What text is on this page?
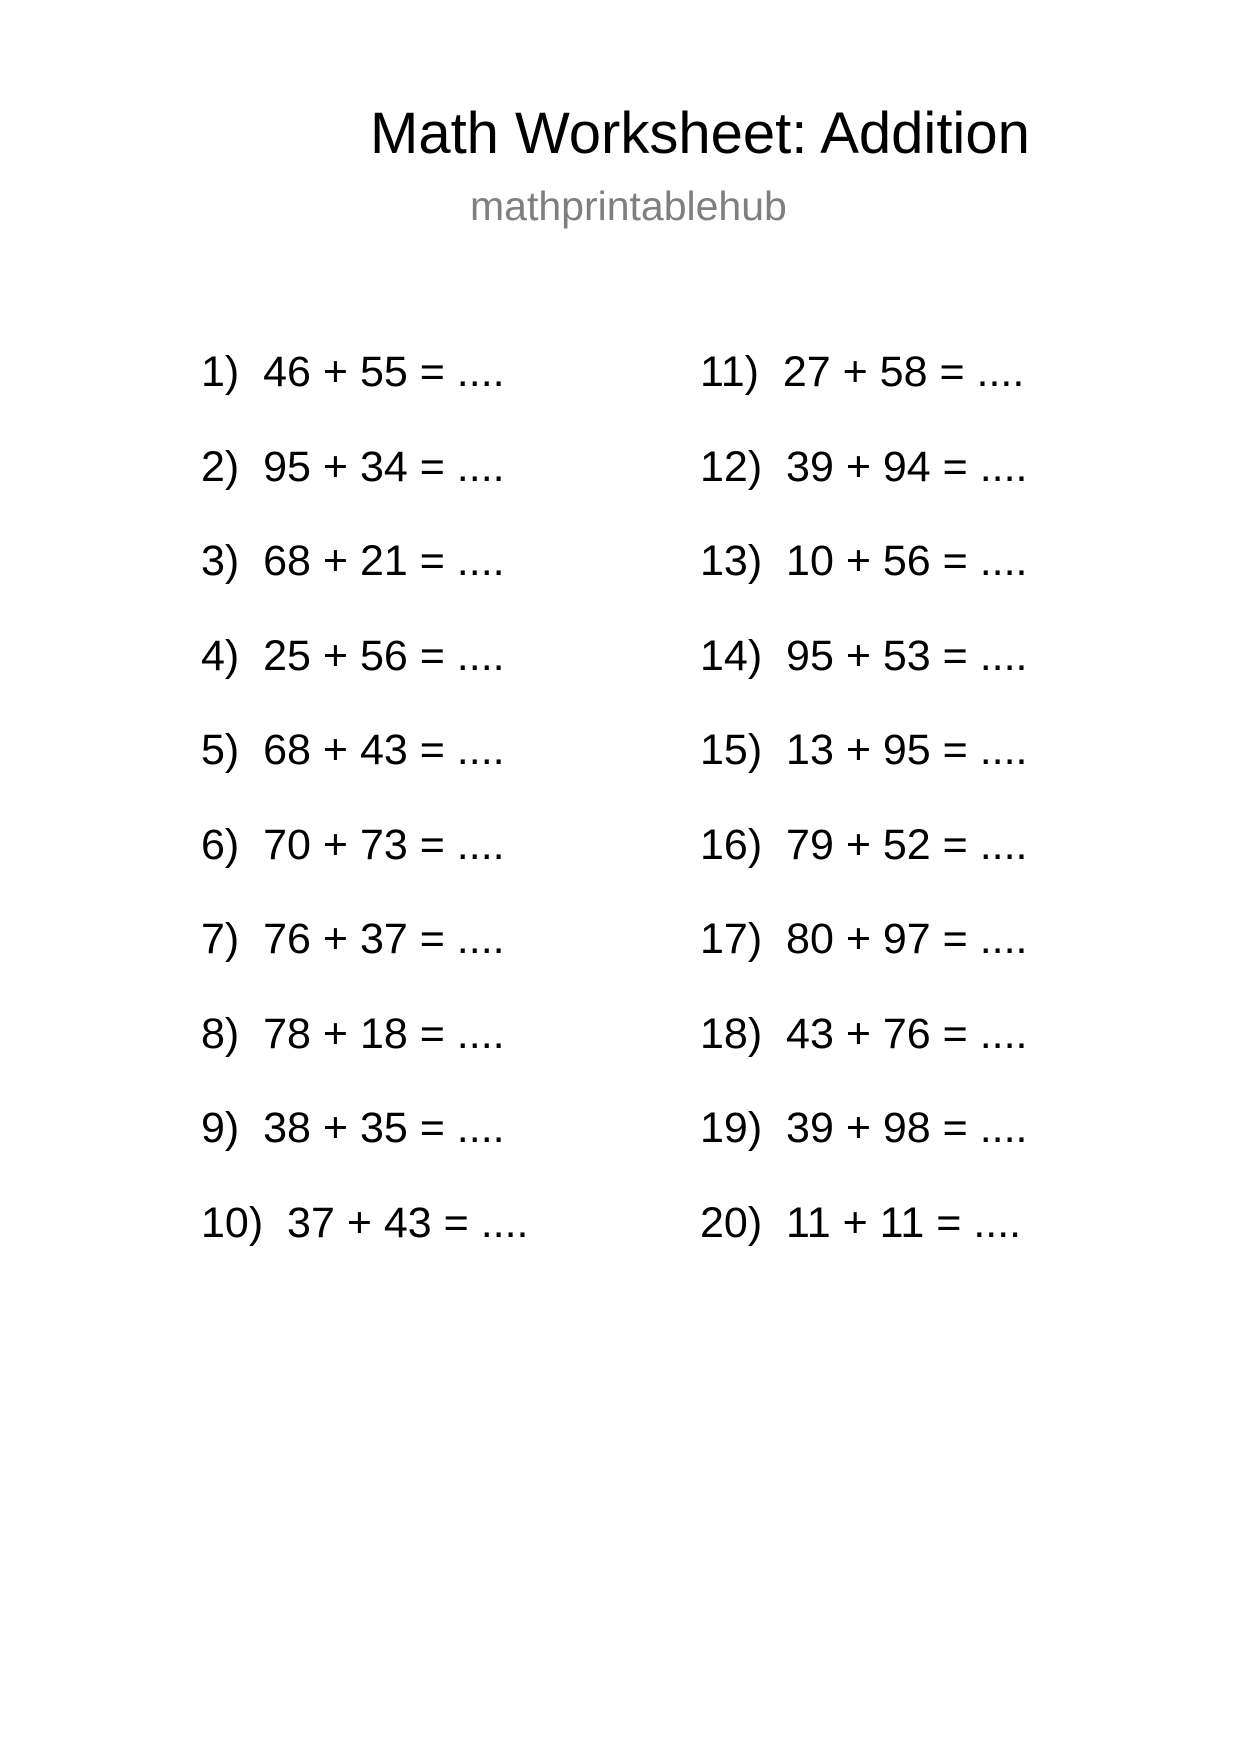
Math Worksheet: Addition
mathprintablehub
1)  46 + 55 = ....
2)  95 + 34 = ....
3)  68 + 21 = ....
4)  25 + 56 = ....
5)  68 + 43 = ....
6)  70 + 73 = ....
7)  76 + 37 = ....
8)  78 + 18 = ....
9)  38 + 35 = ....
10)  37 + 43 = ....
11)  27 + 58 = ....
12)  39 + 94 = ....
13)  10 + 56 = ....
14)  95 + 53 = ....
15)  13 + 95 = ....
16)  79 + 52 = ....
17)  80 + 97 = ....
18)  43 + 76 = ....
19)  39 + 98 = ....
20)  11 + 11 = ....
